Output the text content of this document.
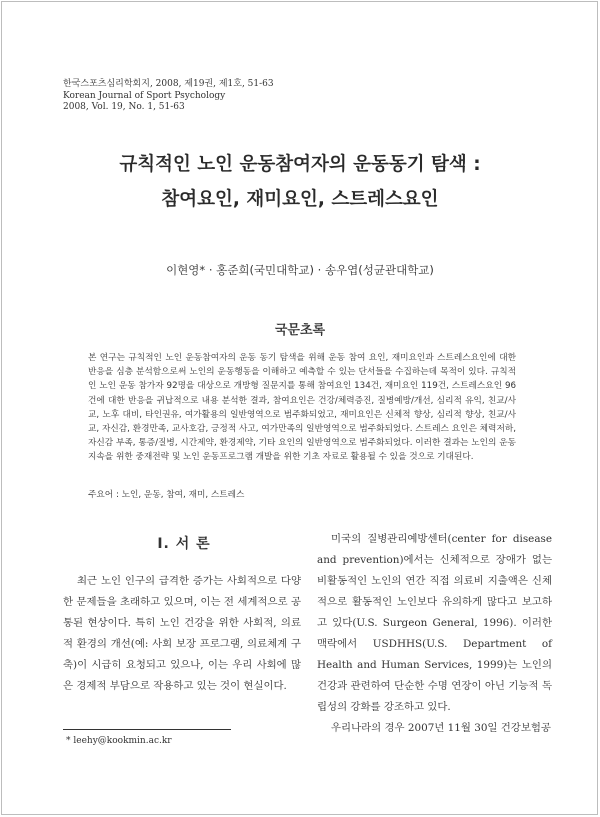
한국스포츠심리학회지, 2008, 제19권, 제1호, 51-63
Korean Journal of Sport Psychology
2008, Vol. 19, No. 1, 51-63
규칙적인 노인 운동참여자의 운동동기 탐색 :
참여요인, 재미요인, 스트레스요인
이현영* · 홍준희(국민대학교) · 송우엽(성균관대학교)
국문초록

본 연구는 규칙적인 노인 운동참여자의 운동 동기 탐색을 위해 운동 참여 요인, 재미요인과 스트레스요인에 대한 반응을 심층 분석함으로써 노인의 운동행동을 이해하고 예측할 수 있는 단서들을 수집하는데 목적이 있다. 규칙적인 노인 운동 참가자 92명을 대상으로 개방형 질문지를 통해 참여요인 134건, 재미요인 119건, 스트레스요인 96건에 대한 반응을 귀납적으로 내용 분석한 결과, 참여요인은 건강/체력증진, 질병예방/개선, 심리적 유익, 친교/사교, 노후 대비, 타인권유, 여가활용의 일반영역으로 범주화되었고, 재미요인은 신체적 향상, 심리적 향상, 친교/사교, 자신감, 환경만족, 교사호감, 긍정적 사고, 여가만족의 일반영역으로 범주화되었다. 스트레스 요인은 체력저하, 자신감 부족, 통증/질병, 시간제약, 환경제약, 기타 요인의 일반영역으로 범주화되었다. 이러한 결과는 노인의 운동지속을 위한 중재전략 및 노인 운동프로그램 개발을 위한 기초 자료로 활용될 수 있을 것으로 기대된다.

주요어 : 노인, 운동, 참여, 재미, 스트레스
I. 서 론

최근 노인 인구의 급격한 증가는 사회적으로 다양한 문제들을 초래하고 있으며, 이는 전 세계적으로 공통된 현상이다. 특히 노인 건강을 위한 사회적, 의료적 환경의 개선(예: 사회 보장 프로그램, 의료체계 구축)이 시급히 요청되고 있으나, 이는 우리 사회에 많은 경제적 부담으로 작용하고 있는 것이 현실이다.

미국의 질병관리예방센터(center for disease and prevention)에서는 신체적으로 장애가 없는 비활동적인 노인의 연간 직접 의료비 지출액은 신체적으로 활동적인 노인보다 유의하게 많다고 보고하고 있다(U.S. Surgeon General, 1996). 이러한 맥락에서 USDHHS(U.S. Department of Health and Human Services, 1999)는 노인의 건강과 관련하여 단순한 수명 연장이 아닌 기능적 독립성의 강화를 강조하고 있다.

우리나라의 경우 2007년 11월 30일 건강보험공

* leehy@kookmin.ac.kr
